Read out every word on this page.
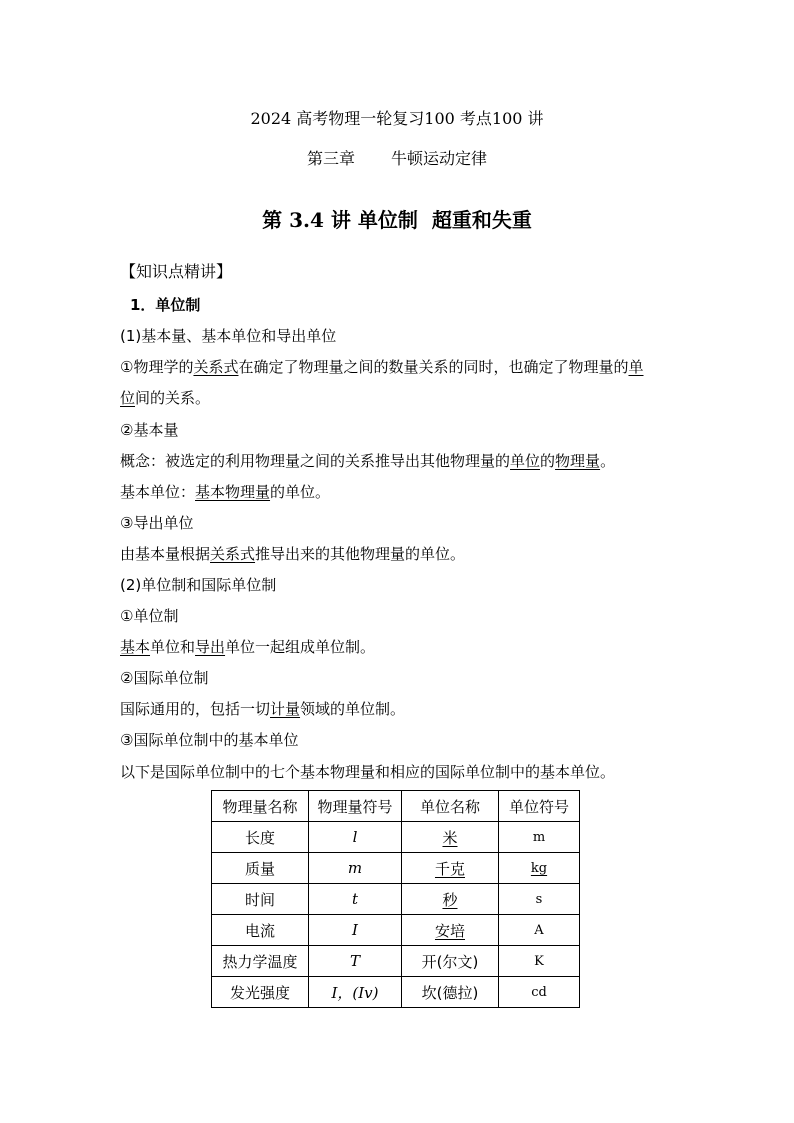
2024 高考物理一轮复习100 考点100 讲
第三章 牛顿运动定律
第 3.4 讲 单位制 超重和失重
【知识点精讲】
1．单位制
(1)基本量、基本单位和导出单位
①物理学的关系式在确定了物理量之间的数量关系的同时，也确定了物理量的单
位间的关系。
②基本量
概念：被选定的利用物理量之间的关系推导出其他物理量的单位的物理量。
基本单位：基本物理量的单位。
③导出单位
由基本量根据关系式推导出来的其他物理量的单位。
(2)单位制和国际单位制
①单位制
基本单位和导出单位一起组成单位制。
②国际单位制
国际通用的，包括一切计量领域的单位制。
③国际单位制中的基本单位
以下是国际单位制中的七个基本物理量和相应的国际单位制中的基本单位。
物理量名称	物理量符号	单位名称	单位符号
长度	l	米	m
质量	m	千克	kg
时间	t	秒	s
电流	I	安培	A
热力学温度	T	开(尔文)	K
发光强度	I，(Iv)	坎(德拉)	cd
